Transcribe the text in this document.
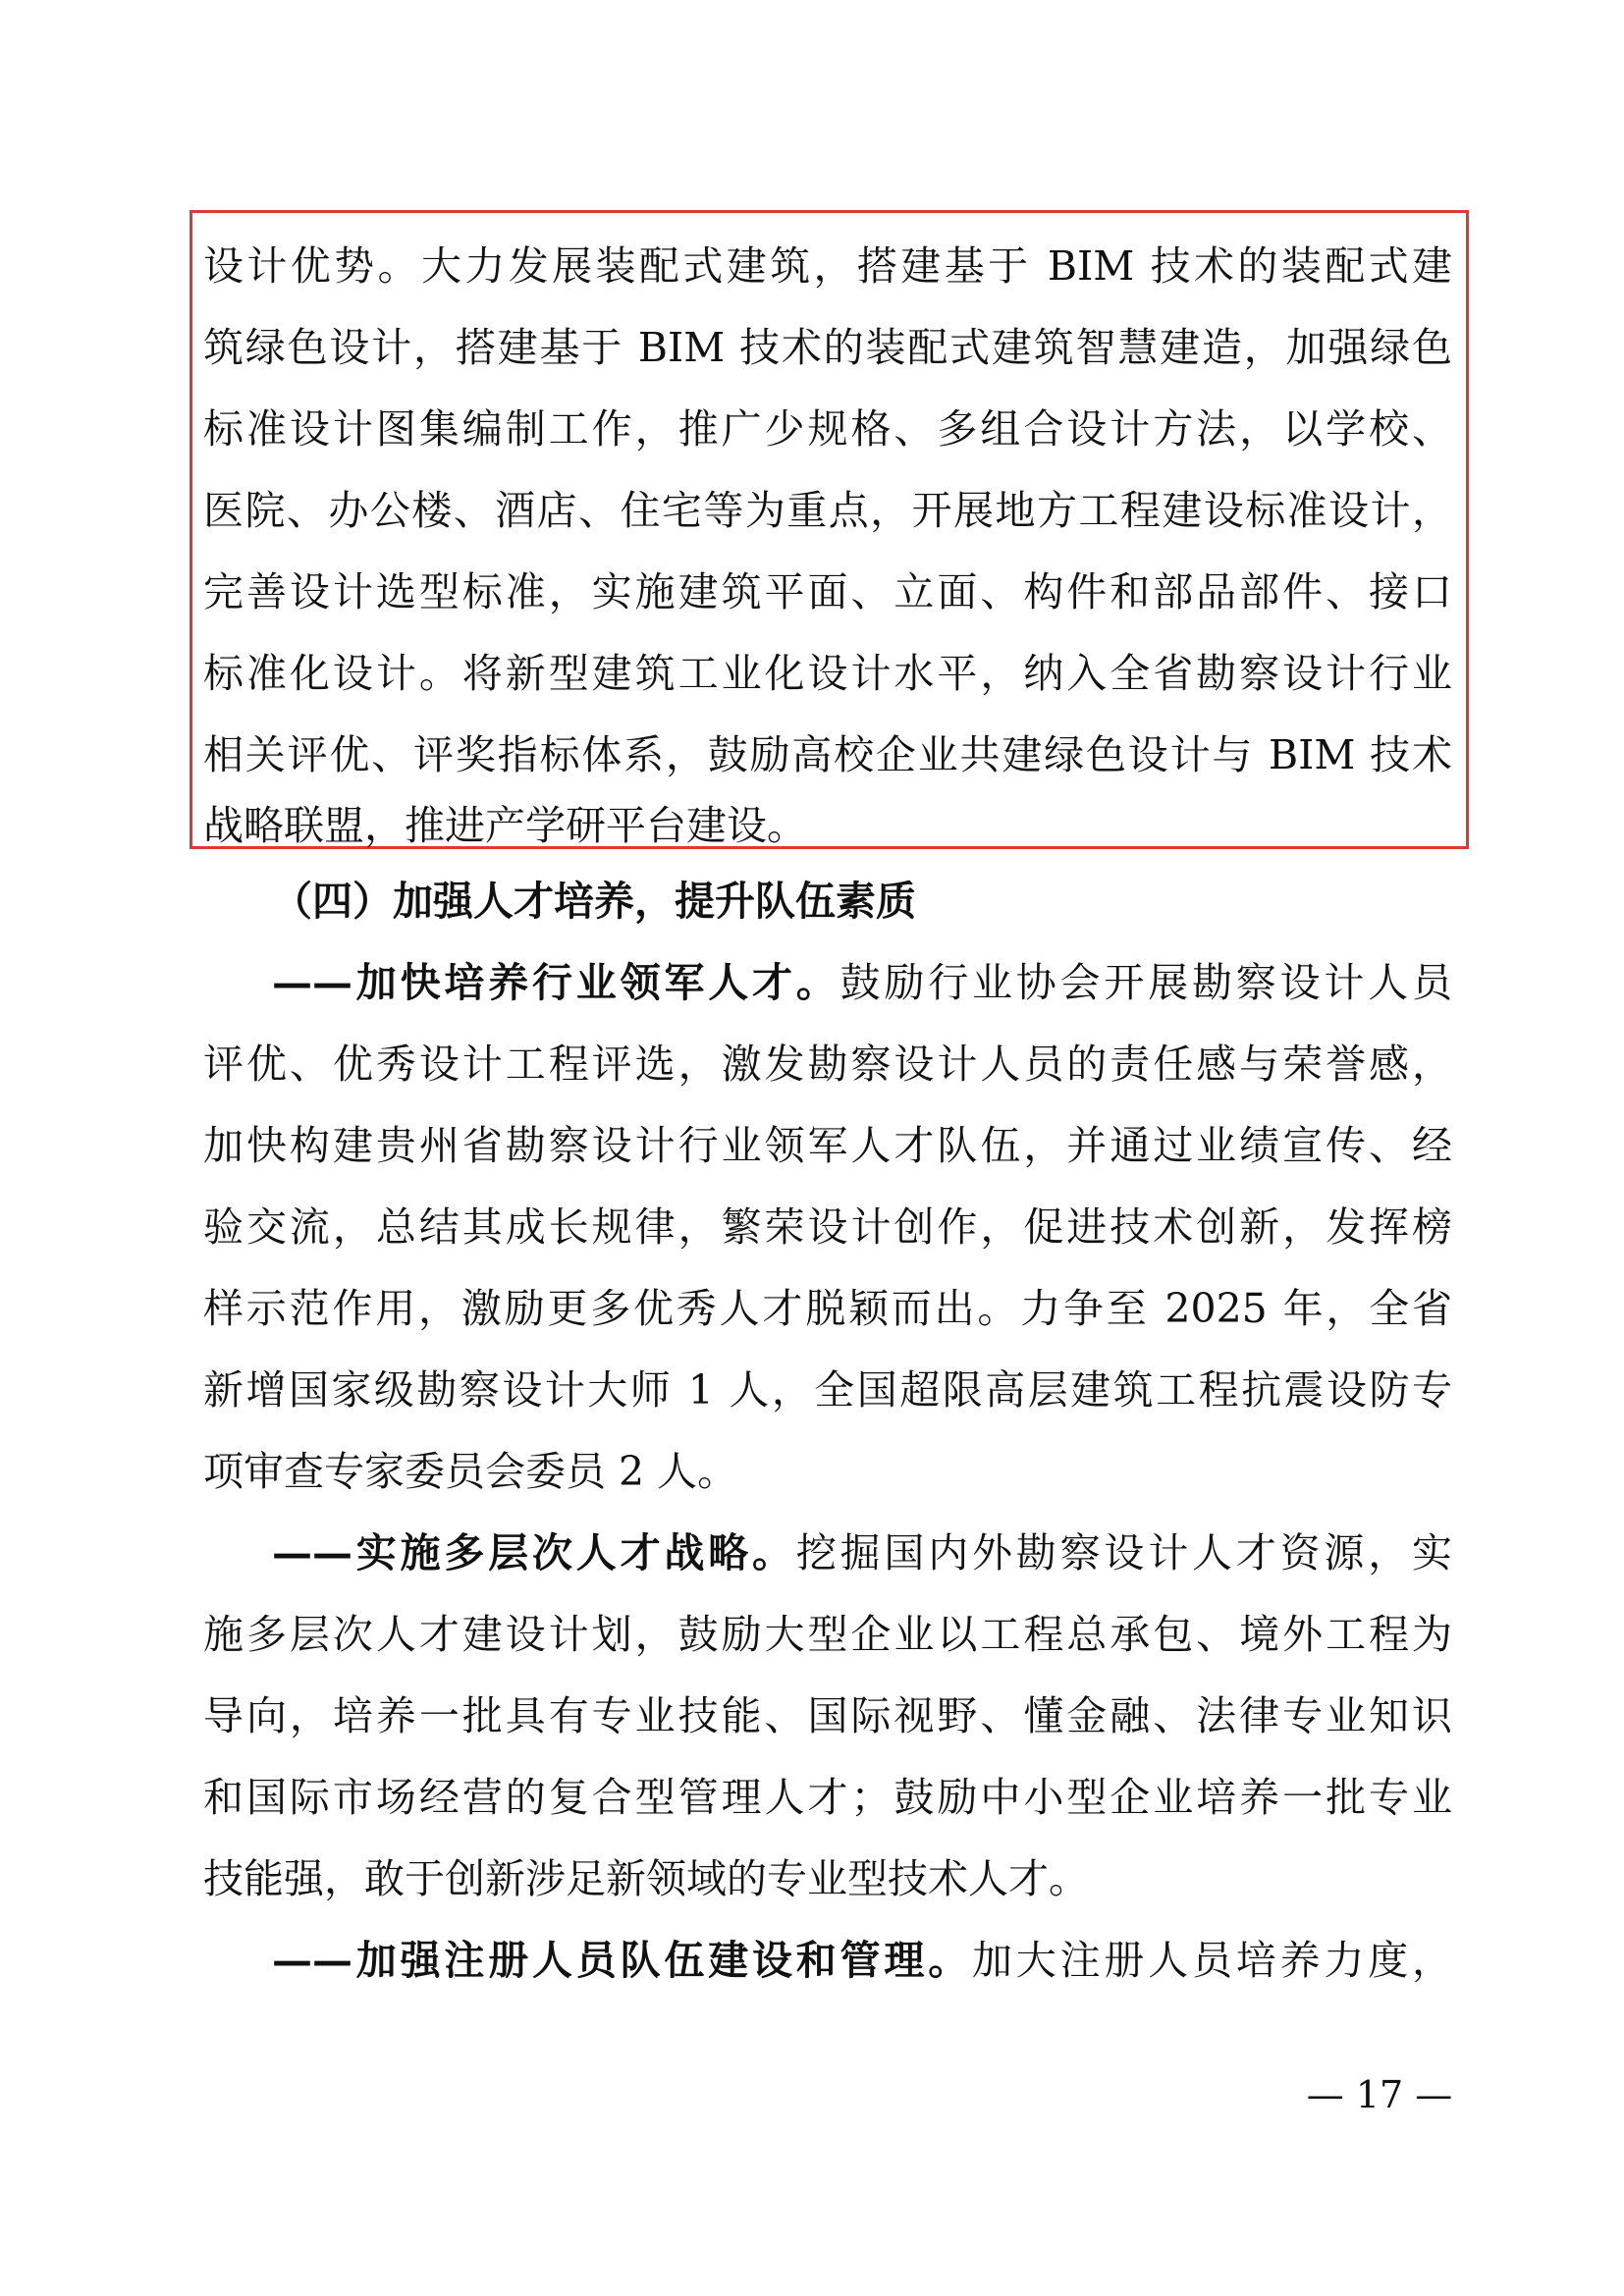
设计优势。大力发展装配式建筑，搭建基于 BIM 技术的装配式建
筑绿色设计，搭建基于 BIM 技术的装配式建筑智慧建造，加强绿色
标准设计图集编制工作，推广少规格、多组合设计方法，以学校、
医院、办公楼、酒店、住宅等为重点，开展地方工程建设标准设计，
完善设计选型标准，实施建筑平面、立面、构件和部品部件、接口
标准化设计。将新型建筑工业化设计水平，纳入全省勘察设计行业
相关评优、评奖指标体系，鼓励高校企业共建绿色设计与 BIM 技术
战略联盟，推进产学研平台建设。
（四）加强人才培养，提升队伍素质
——加快培养行业领军人才。鼓励行业协会开展勘察设计人员
评优、优秀设计工程评选，激发勘察设计人员的责任感与荣誉感，
加快构建贵州省勘察设计行业领军人才队伍，并通过业绩宣传、经
验交流，总结其成长规律，繁荣设计创作，促进技术创新，发挥榜
样示范作用，激励更多优秀人才脱颖而出。力争至 2025 年，全省
新增国家级勘察设计大师 1 人，全国超限高层建筑工程抗震设防专
项审查专家委员会委员 2 人。
——实施多层次人才战略。挖掘国内外勘察设计人才资源，实
施多层次人才建设计划，鼓励大型企业以工程总承包、境外工程为
导向，培养一批具有专业技能、国际视野、懂金融、法律专业知识
和国际市场经营的复合型管理人才；鼓励中小型企业培养一批专业
技能强，敢于创新涉足新领域的专业型技术人才。
——加强注册人员队伍建设和管理。加大注册人员培养力度，
— 17 —
